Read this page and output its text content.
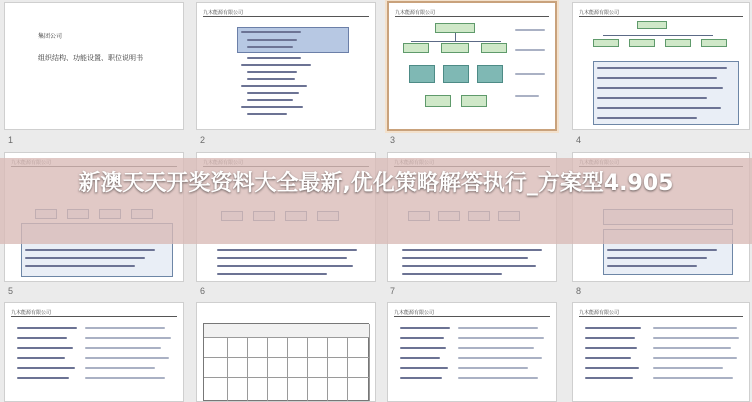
集团公司
组织结构、功能设置、职位说明书
1
九木能源有限公司
2
九木能源有限公司
3
九木能源有限公司
4
5	6	7	8
九木能源有限公司	九木能源有限公司	九木能源有限公司
新澳天天开奖资料大全最新,优化策略解答执行_方案型4.905
